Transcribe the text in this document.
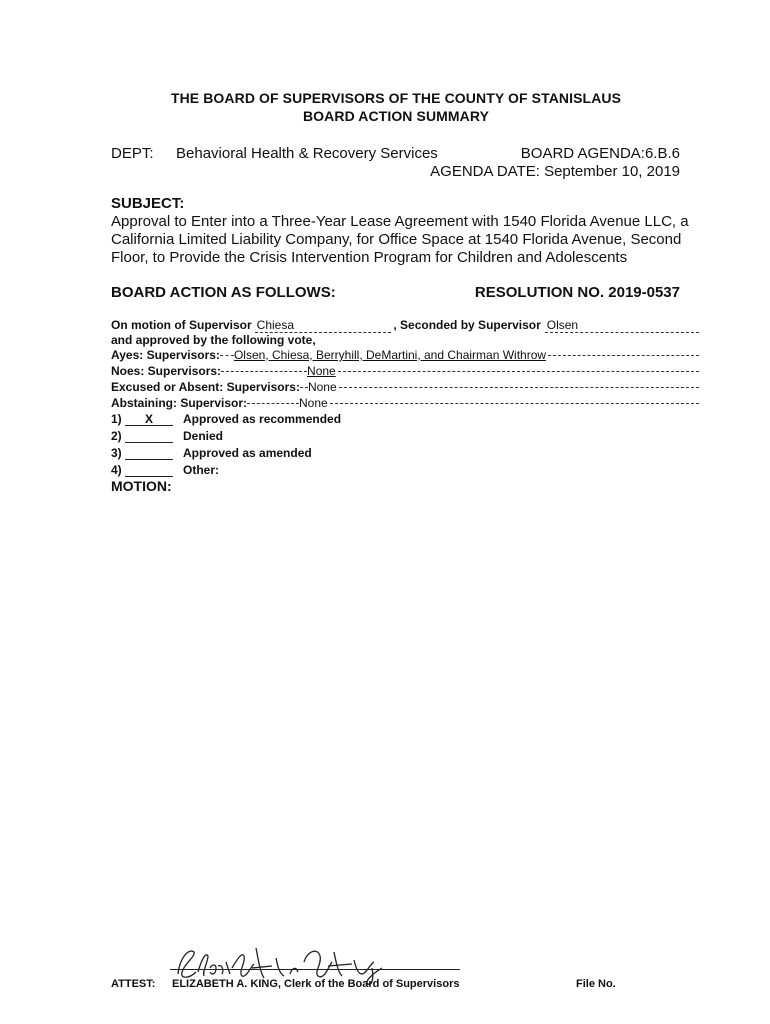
THE BOARD OF SUPERVISORS OF THE COUNTY OF STANISLAUS
BOARD ACTION SUMMARY
DEPT: Behavioral Health & Recovery Services	BOARD AGENDA:6.B.6
AGENDA DATE: September 10, 2019
SUBJECT:
Approval to Enter into a Three-Year Lease Agreement with 1540 Florida Avenue LLC, a
California Limited Liability Company, for Office Space at 1540 Florida Avenue, Second
Floor, to Provide the Crisis Intervention Program for Children and Adolescents
BOARD ACTION AS FOLLOWS:	RESOLUTION NO. 2019-0537
On motion of Supervisor Chiesa	, Seconded by Supervisor Olsen
and approved by the following vote,
Ayes: Supervisors: Olsen, Chiesa, Berryhill, DeMartini, and Chairman Withrow
Noes: Supervisors:	None
Excused or Absent: Supervisors: None
Abstaining: Supervisor:	None
1) X Approved as recommended
2)	Denied
3)	Approved as amended
4)	Other:
MOTION:
ATTEST: ELIZABETH A. KING, Clerk of the Board of Supervisors	File No.
